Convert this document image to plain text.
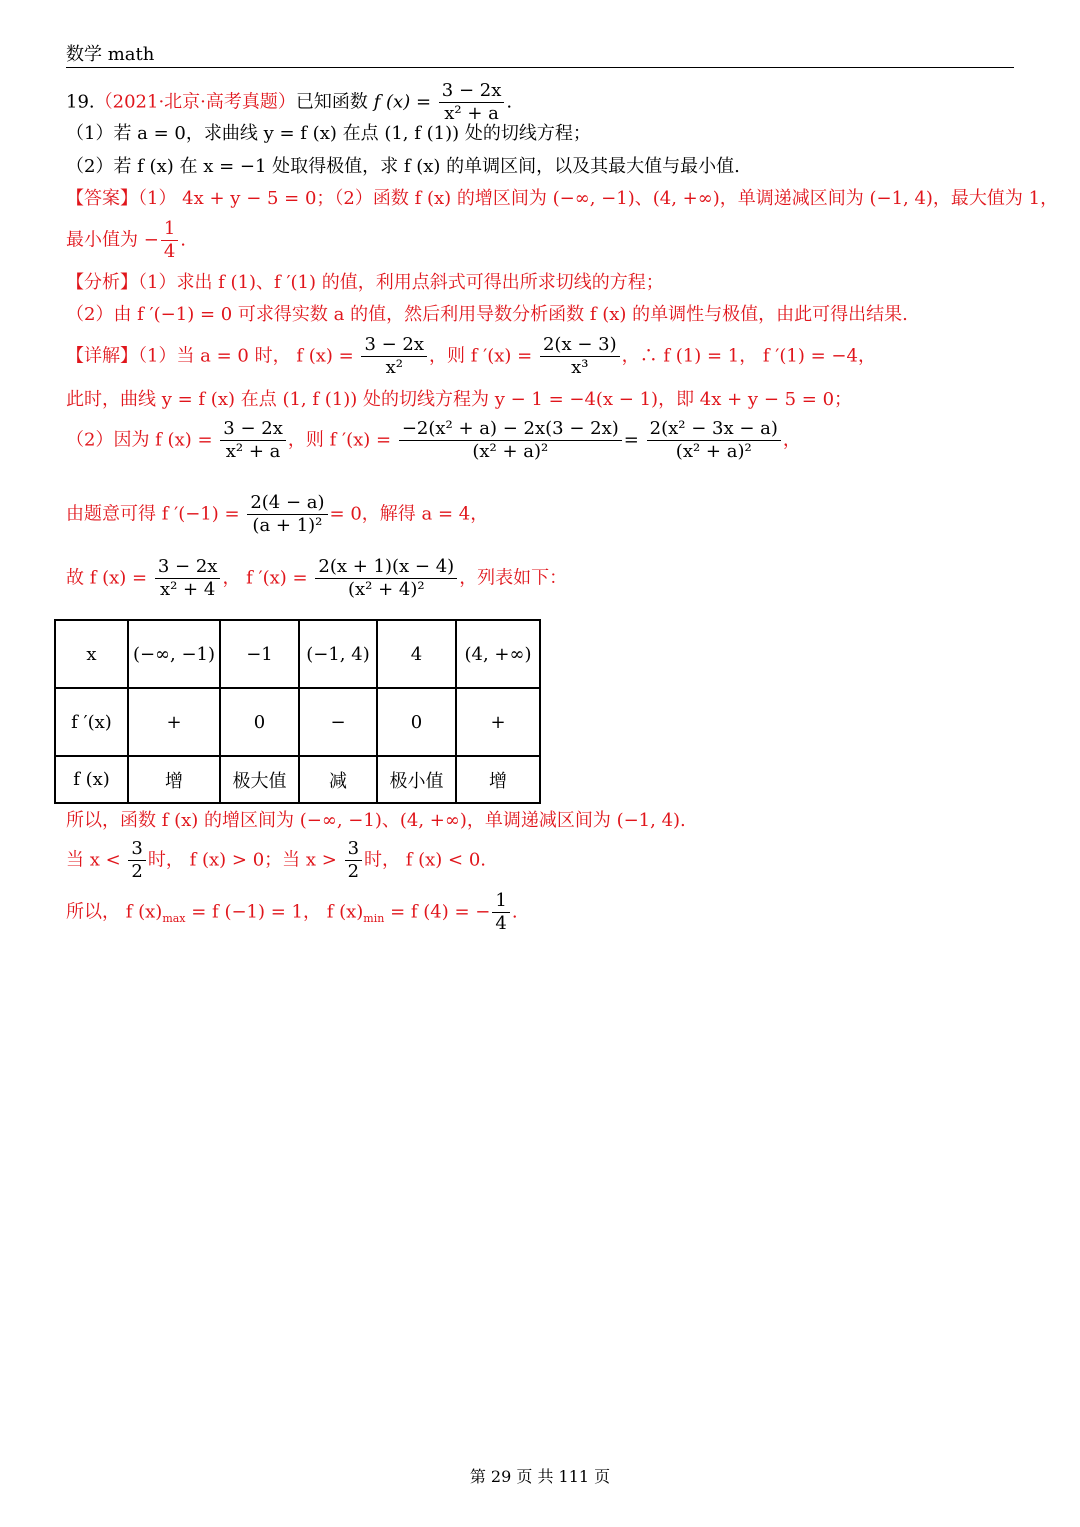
数学 math
19.（2021·北京·高考真题）已知函数 f $(x) = \frac{3 - 2x}{\text{x² + a}}$ .
（1）若 a = 0，求曲线 y = f (x) 在点 (1, f (1)) 处的切线方程；
（2）若 f (x) 在 x = −1 处取得极值，求 f (x) 的单调区间，以及其最大值与最小值.
【答案】（1） 4x + y − 5 = 0；（2）函数 f (x) 的增区间为 (−∞, −1)、(4, +∞)，单调递减区间为 (−1, 4)，最大值为 1，
最小值为 − $\frac{1}{4}$ .
【分析】（1）求出 f (1)、f ′(1) 的值，利用点斜式可得出所求切线的方程；
（2）由 f ′(−1) = 0 可求得实数 a 的值，然后利用导数分析函数 f (x) 的单调性与极值，由此可得出结果.
【详解】（1）当 a = 0 时， f $(x) = \frac{3 - 2x}{\text{x²}}$ ，则 f $'(x) = \frac{2(x - 3)}{\text{x³}}$ ，∴ f (1) = 1， f ′(1) = −4，
此时，曲线 y = f (x) 在点 (1, f (1)) 处的切线方程为 y − 1 = −4(x − 1)，即 4x + y − 5 = 0；
（2）因为 f $(x) = \frac{3 - 2x}{\text{x² + a}}$ ，则 f $'(x) = \frac{\text{−2(x² + a) − 2x(3 − 2x)}}{\text{(x² + a)²}} = \frac{\text{2(x² − 3x − a)}}{\text{(x² + a)²}}$ ，
由题意可得 f $'(-1) = \frac{2(4 - a)}{\text{(a + 1)²}} = 0$，解得 a = 4，
故 f $(x) = \frac{3 - 2x}{\text{x² + 4}}$ ， f $'(x) = \frac{2(x + 1)(x - 4)}{\text{(x² + 4)²}}$ ，列表如下：
x	(−∞, −1)	−1	(−1, 4)	4	(4, +∞)
f ′(x)	+	0	−	0	+
f (x)	增	极大值	减	极小值	增
所以，函数 f (x) 的增区间为 (−∞, −1)、(4, +∞)，单调递减区间为 (−1, 4).
当 $x < \frac{3}{2}$ 时， f (x) > 0；当 $x > \frac{3}{2}$ 时， f (x) < 0.
所以， f $(x)_{max} = f$ (−1) = 1， f $(x)_{min} = f$ (4) = − $\frac{1}{4}$ .
第 29 页 共 111 页
